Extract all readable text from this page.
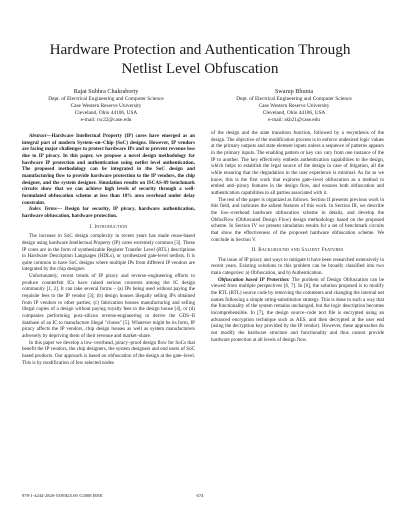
Hardware Protection and Authentication Through
Netlist Level Obfuscation
Rajat Subhra Chakraborty
Dept. of Electrical Engineering and Computer Science
Case Western Reserve University
Cleveland, Ohio 44106, USA
e-mail: rsc22@case.edu
Swarup Bhunia
Dept. of Electrical Engineering and Computer Science
Case Western Reserve University
Cleveland, Ohio 44106, USA
e-mail: skb21@case.edu

Abstract—Hardware Intellectual Property (IP) cores have emerged as an integral part of modern System–on–Chip (SoC) designs. However, IP vendors are facing major challenges to protect hardware IPs and to prevent revenue loss due to IP piracy. In this paper, we propose a novel design methodology for hardware IP protection and authentication using netlist level authentication. The proposed methodology can be integrated in the SoC design and manufacturing flow to provide hardware protection to the IP vendors, the chip designer, and the system designer. Simulation results on ISCAS-89 benchmark circuits show that we can achieve high levels of security through a well-formulated obfuscation scheme at less than 10% area overhead under delay constraint.

Index Terms— Design for security, IP piracy, hardware authentication, hardware obfuscation, hardware protection.

I. Introduction

The increase in SoC design complexity in recent years has made reuse-based design using hardware Intellectual Property (IP) cores extremely common [3]. These IP cores are in the form of synthesizable Register Transfer Level (RTL) descriptions in Hardware Description Languages (HDLs), or synthesized gate-level netlists. It is quite common to have SoC designs where multiple IPs from different IP vendors are integrated by the chip designer.

Unfortunately, recent trends of IP piracy and reverse–engineering efforts to produce counterfeit ICs have raised serious concerns among the IC design community [1, 2]. It can take several forms – (a) IPs being used without paying the requisite fees to the IP vendor [3]; (b) design houses illegally selling IPs obtained from IP vendors to other parties; (c) fabrication houses manufacturing and selling illegal copies of a design without paying royalty fees to the design house [4], or (d) companies performing post–silicon reverse-engineering to derive the GDS–II database of an IC to manufacture illegal "clones" [5]. Whatever might be its form, IP piracy affects the IP vendors, chip design houses as well as system manufacturers adversely by depriving them of their revenue and market–share.

In this paper we develop a low–overhead, piracy–proof design flow for SoCs that benefit the IP vendors, the chip designers, the system designers and end users of SoC based products. Our approach is based on obfuscation of the design at the gate–level. This is by modification of few selected nodes

of the design and the state transition function, followed by a resynthesis of the design. The objective of the modification process is to enforce undesired logic values at the primary outputs and state element inputs unless a sequence of patterns appears in the primary inputs. The enabling pattern or key can vary from one instance of the IP to another. The key effectively embeds authentication capabilities to the design, which helps to establish the legal source of the design in case of litigation, all the while ensuring that the degradation in the user experience is minimal. As far as we know, this is the first work that explores gate–level obfuscation as a method to embed anti–piracy features in the design flow, and ensures both obfuscation and authentication capabilities to all parties associated with it.

The rest of the paper is organized as follows. Section II presents previous work in this field, and indicates the salient features of this work. In Section III, we describe the low–overhead hardware obfuscation scheme in details, and develop the ObfusFlow (Obfuscated Design Flow) design methodology based on the proposed scheme. In Section IV we present simulation results for a set of benchmark circuits that show the effectiveness of the proposed hardware obfuscation scheme. We conclude in Section V.

II. Background and Salient Features

The issue of IP piracy and ways to mitigate it have been researched extensively in recent years. Existing solutions to this problem can be broadly classified into two main categories: a) Obfuscation, and b) Authentication.

Obfuscation based IP Protection: The problem of Design Obfuscation can be viewed from multiple perspectives [6, 7]. In [6], the solution proposed is to modify the RTL (RTL) source code by removing the comments and changing the internal net names following a simple string-substitution strategy. This is done in such a way that the functionality of the system remains unchanged, but the logic description becomes incomprehensible. In [7], the design source–code text file is encrypted using an advanced encryption technique such as AES, and then decrypted at the user end (using the decryption key provided by the IP vendor). However, these approaches do not modify the hardware structure and functionality and thus cannot provide hardware protection at all levels of design flow.

978-1-4244-2820-5/08/$25.00 ©2008 IEEE	674
